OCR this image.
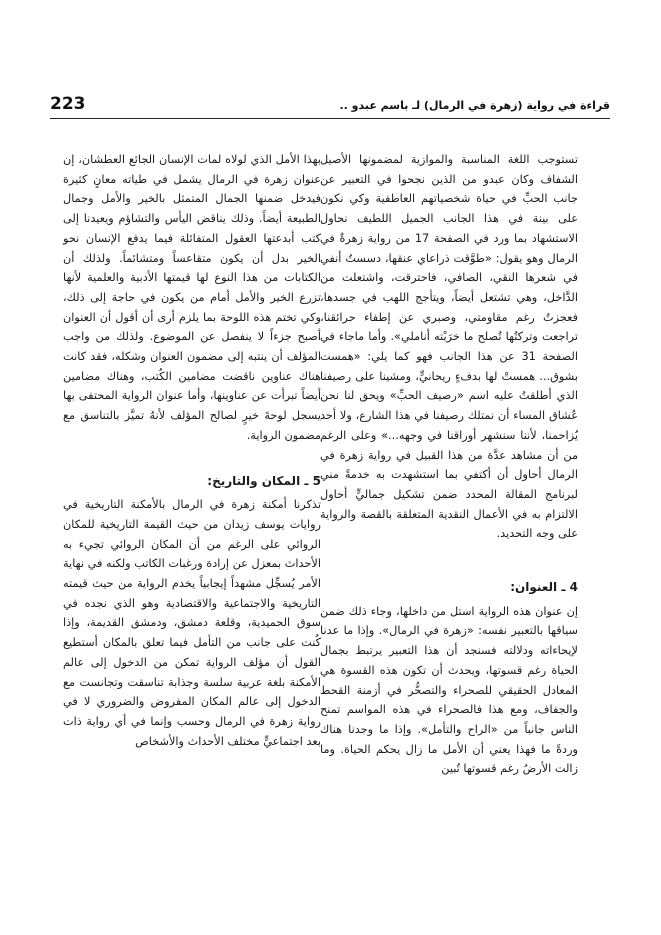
223	قراءة في رواية (زهرة في الرمال) لـ باسم عبدو ..

تستوجب اللغة المناسبة والموازية لمضمونها الأصيل الشفاف وكان عبدو من الذين نجحوا في التعبير عن جانب الحبِّ في حياة شخصياتهم العاطفية وكي نكون على بينة في هذا الجانب الجميل اللطيف نحاول الاستشهاد بما ورد في الصفحة 17 من رواية زهرةٌ في الرمال وهو يقول: «طوَّقت ذراعاي عنقها، دسستُ أنفي في شعرها النقي، الصافي، فاحترقت، واشتعلت من الدَّاخل، وهي تشتعل أيضاً، ويتأجج اللهب في جسدها، فعجزتُ رغم مقاومتي، وصبري عن إطفاء حرائقنا، تراجعت وتركتُها تُصلح ما خرَبْته أناملي». وأما ماجاء في الصفحة 31 عن هذا الجانب فهو كما يلي: «همست بشوق... همستْ لها بدفءٍ ريحانيٍّ، ومشينا على رصيفنا الذي أطلقتُ عليه اسم «رصيف الحبِّ» ويحق لنا نحن عُشاق المساء أن نمتلك رصيفنا في هذا الشارع، ولا أحد يُزاحمنا، لأننا سنشهر أوراقنا في وجهه...» وعلى الرغم من أن مشاهد عدَّة من هذا القبيل في رواية زهرة في الرمال أحاول أن أكتفي بما استشهدت به خدمةً مني لبرنامج المقالة المحدد ضمن تشكيل جماليٍّ أحاول الالتزام به في الأعمال النقدية المتعلقة بالقصة والرواية على وجه التحديد.

4 ـ العنوان:

إن عنوان هذه الرواية استل من داخلها، وجاء ذلك ضمن سياقها بالتعبير نفسه: «زهرة في الرمال». وإذا ما عدنا لإيحاءاته ودلالته فسنجد أن هذا التعبير يرتبط بجمال الحياة رغم قسوتها، ويحدث أن تكون هذه القسوة هي المعادل الحقيقي للصحراء والتصحُّر في أزمنة القحط والجفاف، ومع هذا فالصحراء في هذه المواسم تمنح الناس جانباً من «الراح والتأمل». وإذا ما وجدنا هناك وردةً ما فهذا يعني أن الأمل ما زال يحكم الحياة. وما زالت الأرضُ رغم قسوتها تُبين

بهذا الأمل الذي لولاه لمات الإنسان الجائع العطشان، إن عنوان زهرة في الرمال يشمل في طياته معانٍ كثيرة فيدخل ضمنها الجمال المتمثل بالخير والأمل وجمال الطبيعة أيضاً. وذلك يناقض اليأس والتشاؤم ويعيدنا إلى كتب أبدعتها العقول المتفائلة فيما يدفع الإنسان نحو الخير بدل أن يكون متقاعساً ومتشائماً. ولذلك أن الكتابات من هذا النوع لها قيمتها الأدبية والعلمية لأنها تزرع الخير والأمل أمام من يكون في حاجة إلى ذلك، وكي تختم هذه اللوحة بما يلزم أرى أن أقول أن العنوان أصبح جزءاً لا ينفصل عن الموضوع. ولذلك من واجب المؤلف أن ينتبه إلى مضمون العنوان وشكله، فقد كانت هناك عناوين ناقضت مضامين الكُتب، وهناك مضامين أيضاً تبرأت عن عناوينها، وأما عنوان الرواية المحتفى بها يسجل لوحةَ خيرٍ لصالح المؤلف لأنهُ تميَّز بالتناسق مع مضمون الرواية.

5 ـ المكان والتاريخ:

تذكرنا أمكنة زهرة في الرمال بالأمكنة التاريخية في روايات يوسف زيدان من حيث القيمة التاريخية للمكان الروائي على الرغم من أن المكان الروائي تجيء به الأحداث بمعزل عن إرادة ورغبات الكاتب ولكنه في نهاية الأمر يُسجِّل مشهداً إيجابياً يخدم الرواية من حيث قيمته التاريخية والاجتماعية والاقتصادية وهو الذي نجده في سوق الحميدية، وقلعة دمشق، ودمشق القديمة، وإذا كُنت على جانب من التأمل فيما تعلق بالمكان أستطيع القول أن مؤلف الرواية تمكن من الدخول إلى عالم الأمكنة بلغة عربية سلسة وجذابة تناسقت وتجانست مع الدخول إلى عالم المكان المفروض والضروري لا في رواية زهرة في الرمال وحسب وإنما في أي رواية ذات بعد اجتماعيٍّ مختلف الأحداث والأشخاص
